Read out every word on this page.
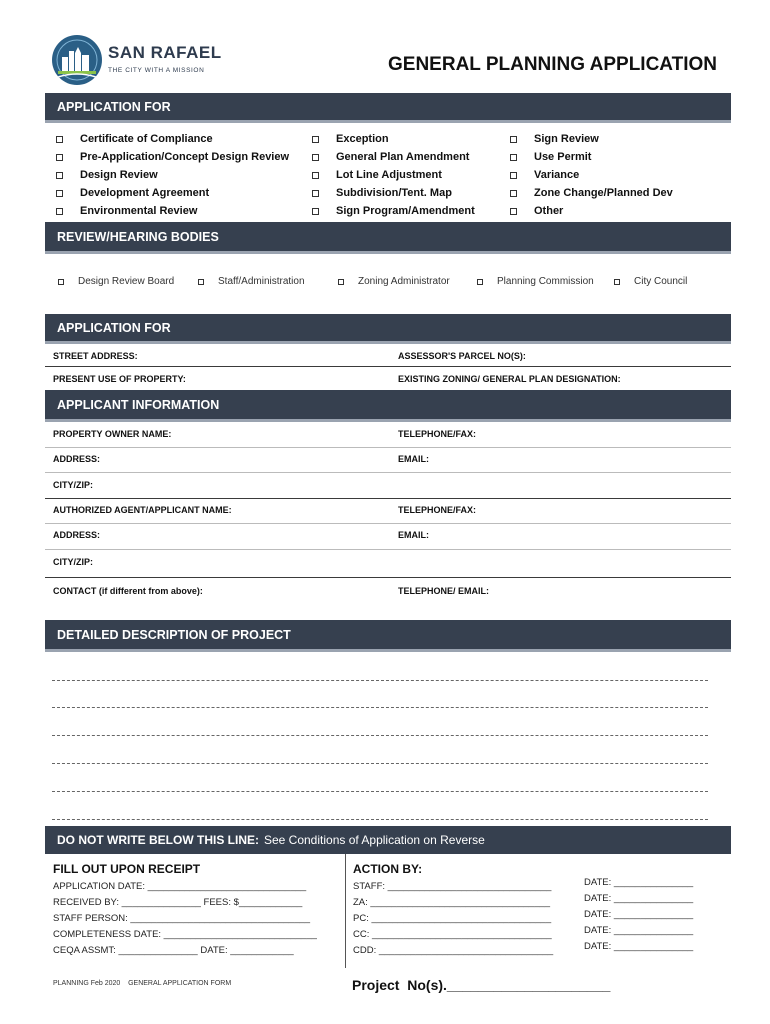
SAN RAFAEL
THE CITY WITH A MISSION	GENERAL PLANNING APPLICATION
APPLICATION FOR
Certificate of Compliance
Pre-Application/Concept Design Review
Design Review
Development Agreement
Environmental Review
Exception
General Plan Amendment
Lot Line Adjustment
Subdivision/Tent. Map
Sign Program/Amendment
Sign Review
Use Permit
Variance
Zone Change/Planned Dev
Other
REVIEW/HEARING BODIES
Design Review Board	Staff/Administration	Zoning Administrator	Planning Commission	City Council
APPLICATION FOR
STREET ADDRESS:	ASSESSOR'S PARCEL NO(S):
PRESENT USE OF PROPERTY:	EXISTING ZONING/ GENERAL PLAN DESIGNATION:
APPLICANT INFORMATION
PROPERTY OWNER NAME:	TELEPHONE/FAX:
ADDRESS:	EMAIL:
CITY/ZIP:
AUTHORIZED AGENT/APPLICANT NAME:	TELEPHONE/FAX:
ADDRESS:	EMAIL:
CITY/ZIP:
CONTACT (if different from above):	TELEPHONE/ EMAIL:
DETAILED DESCRIPTION OF PROJECT
DO NOT WRITE BELOW THIS LINE: See Conditions of Application on Reverse
FILL OUT UPON RECEIPT
APPLICATION DATE: ______________________________
RECEIVED BY: _______________ FEES: $____________
STAFF PERSON: __________________________________
COMPLETENESS DATE: _____________________________
CEQA ASSMT: _______________ DATE: ____________
ACTION BY:
STAFF: _______________________________
ZA: __________________________________
PC: __________________________________
CC: __________________________________
CDD: _________________________________
DATE: _______________
DATE: _______________
DATE: _______________
DATE: _______________
DATE: _______________
PLANNING Feb 2020    GENERAL APPLICATION FORM	Project  No(s)._____________________
